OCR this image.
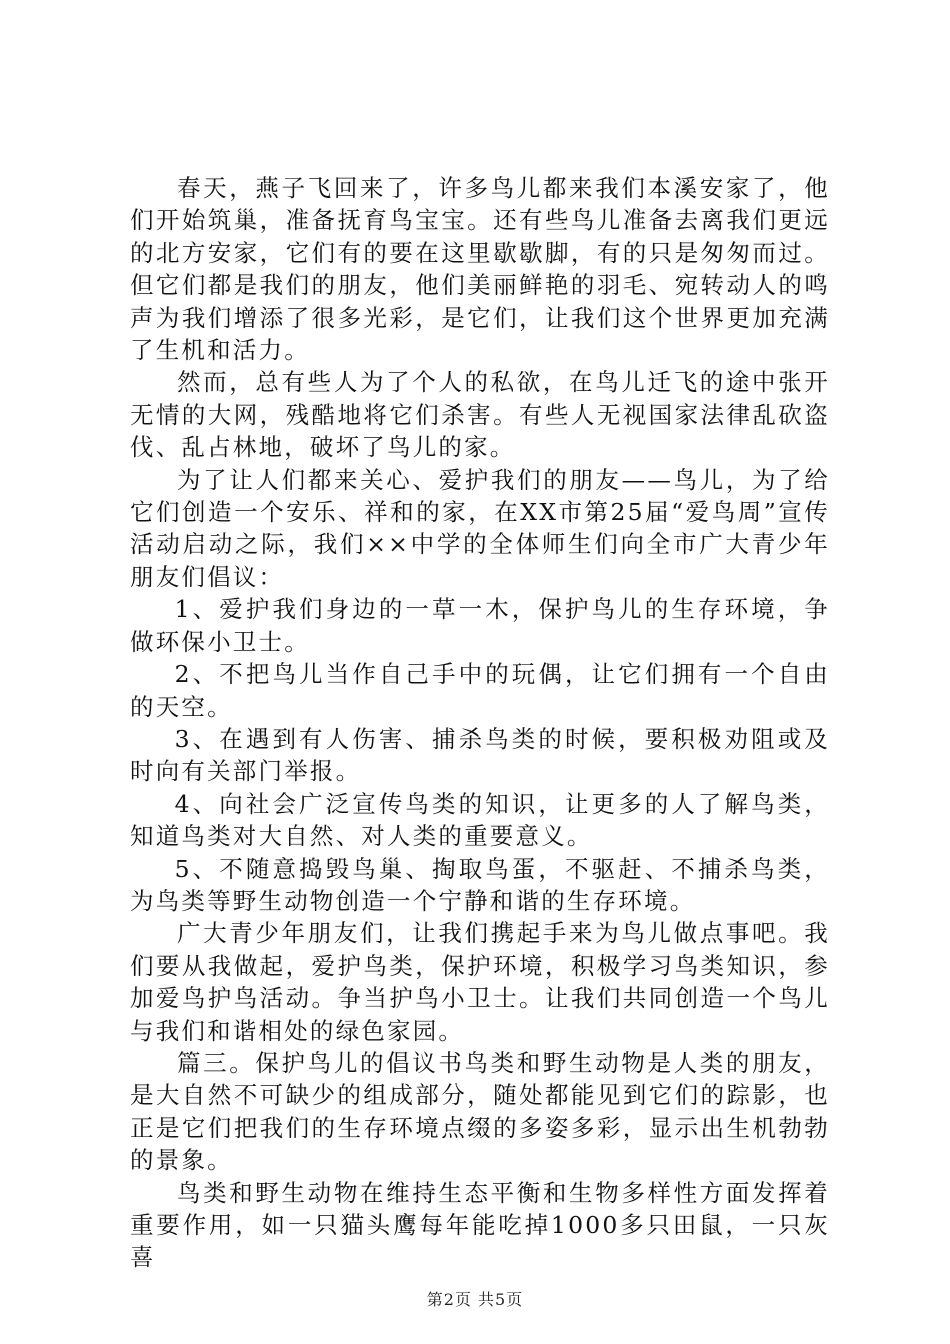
春天，燕子飞回来了，许多鸟儿都来我们本溪安家了，他们开始筑巢，准备抚育鸟宝宝。还有些鸟儿准备去离我们更远的北方安家，它们有的要在这里歇歇脚，有的只是匆匆而过。但它们都是我们的朋友，他们美丽鲜艳的羽毛、宛转动人的鸣声为我们增添了很多光彩，是它们，让我们这个世界更加充满了生机和活力。

然而，总有些人为了个人的私欲，在鸟儿迁飞的途中张开无情的大网，残酷地将它们杀害。有些人无视国家法律乱砍盗伐、乱占林地，破坏了鸟儿的家。

为了让人们都来关心、爱护我们的朋友——鸟儿，为了给它们创造一个安乐、祥和的家，在XX市第25届“爱鸟周”宣传活动启动之际，我们××中学的全体师生们向全市广大青少年朋友们倡议：

1、爱护我们身边的一草一木，保护鸟儿的生存环境，争做环保小卫士。

2、不把鸟儿当作自己手中的玩偶，让它们拥有一个自由的天空。

3、在遇到有人伤害、捕杀鸟类的时候，要积极劝阻或及时向有关部门举报。

4、向社会广泛宣传鸟类的知识，让更多的人了解鸟类，知道鸟类对大自然、对人类的重要意义。

5、不随意捣毁鸟巢、掏取鸟蛋，不驱赶、不捕杀鸟类，为鸟类等野生动物创造一个宁静和谐的生存环境。

广大青少年朋友们，让我们携起手来为鸟儿做点事吧。我们要从我做起，爱护鸟类，保护环境，积极学习鸟类知识，参加爱鸟护鸟活动。争当护鸟小卫士。让我们共同创造一个鸟儿与我们和谐相处的绿色家园。

篇三。保护鸟儿的倡议书鸟类和野生动物是人类的朋友，是大自然不可缺少的组成部分，随处都能见到它们的踪影，也正是它们把我们的生存环境点缀的多姿多彩，显示出生机勃勃的景象。

鸟类和野生动物在维持生态平衡和生物多样性方面发挥着重要作用，如一只猫头鹰每年能吃掉1000多只田鼠，一只灰喜

第2页 共5页
